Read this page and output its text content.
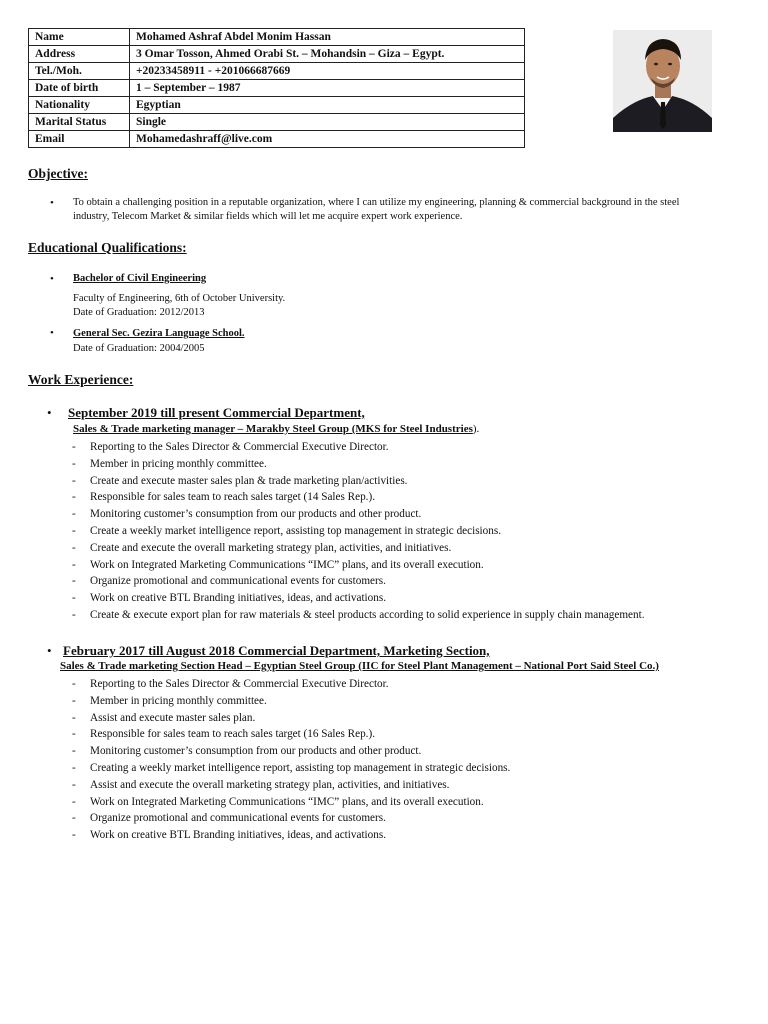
Name	Mohamed Ashraf Abdel Monim Hassan
Address	3 Omar Tosson, Ahmed Orabi St. – Mohandsin – Giza – Egypt.
Tel./Moh.	+20233458911 - +201066687669
Date of birth	1 – September – 1987
Nationality	Egyptian
Marital Status	Single
Email	Mohamedashraff@live.com
Objective:
• To obtain a challenging position in a reputable organization, where I can utilize my engineering, planning & commercial background in the steel
industry, Telecom Market & similar fields which will let me acquire expert work experience.
Educational Qualifications:
• Bachelor of Civil Engineering
Faculty of Engineering, 6th of October University.
Date of Graduation: 2012/2013
• General Sec. Gezira Language School.
Date of Graduation: 2004/2005
Work Experience:
• September 2019 till present Commercial Department,
Sales & Trade marketing manager – Marakby Steel Group (MKS for Steel Industries).
- Reporting to the Sales Director & Commercial Executive Director.
- Member in pricing monthly committee.
- Create and execute master sales plan & trade marketing plan/activities.
- Responsible for sales team to reach sales target (14 Sales Rep.).
- Monitoring customer’s consumption from our products and other product.
- Create a weekly market intelligence report, assisting top management in strategic decisions.
- Create and execute the overall marketing strategy plan, activities, and initiatives.
- Work on Integrated Marketing Communications “IMC” plans, and its overall execution.
- Organize promotional and communicational events for customers.
- Work on creative BTL Branding initiatives, ideas, and activations.
- Create & execute export plan for raw materials & steel products according to solid experience in supply chain management.
• February 2017 till August 2018 Commercial Department, Marketing Section,
Sales & Trade marketing Section Head – Egyptian Steel Group (IIC for Steel Plant Management – National Port Said Steel Co.)
- Reporting to the Sales Director & Commercial Executive Director.
- Member in pricing monthly committee.
- Assist and execute master sales plan.
- Responsible for sales team to reach sales target (16 Sales Rep.).
- Monitoring customer’s consumption from our products and other product.
- Creating a weekly market intelligence report, assisting top management in strategic decisions.
- Assist and execute the overall marketing strategy plan, activities, and initiatives.
- Work on Integrated Marketing Communications “IMC” plans, and its overall execution.
- Organize promotional and communicational events for customers.
- Work on creative BTL Branding initiatives, ideas, and activations.
